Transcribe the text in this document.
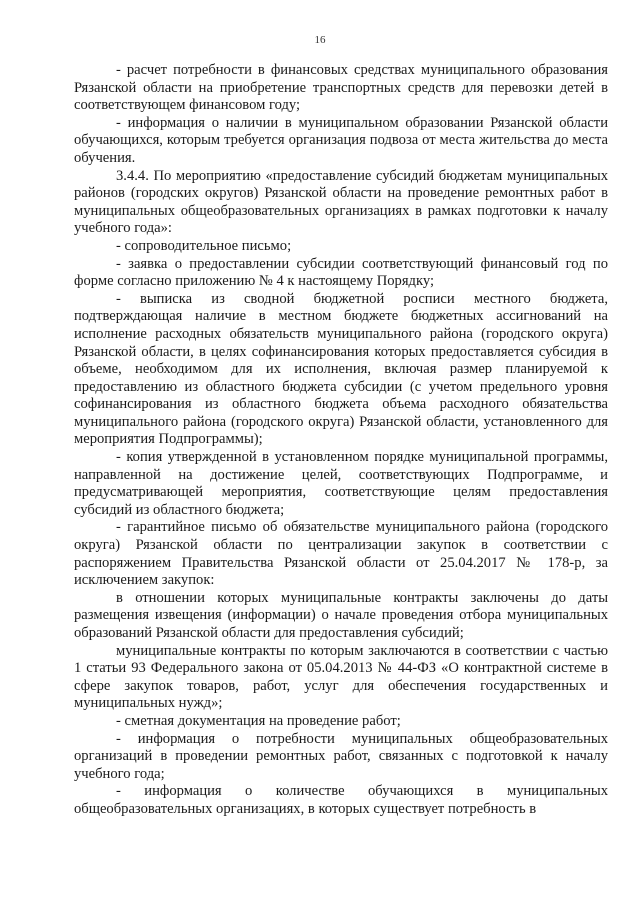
16

- расчет потребности в финансовых средствах муниципального образования Рязанской области на приобретение транспортных средств для перевозки детей в соответствующем финансовом году;

- информация о наличии в муниципальном образовании Рязанской области обучающихся, которым требуется организация подвоза от места жительства до места обучения.

3.4.4. По мероприятию «предоставление субсидий бюджетам муниципальных районов (городских округов) Рязанской области на проведение ремонтных работ в муниципальных общеобразовательных организациях в рамках подготовки к началу учебного года»:

- сопроводительное письмо;

- заявка о предоставлении субсидии соответствующий финансовый год по форме согласно приложению № 4 к настоящему Порядку;

- выписка из сводной бюджетной росписи местного бюджета, подтверждающая наличие в местном бюджете бюджетных ассигнований на исполнение расходных обязательств муниципального района (городского округа) Рязанской области, в целях софинансирования которых предоставляется субсидия в объеме, необходимом для их исполнения, включая размер планируемой к предоставлению из областного бюджета субсидии (с учетом предельного уровня софинансирования из областного бюджета объема расходного обязательства муниципального района (городского округа) Рязанской области, установленного для мероприятия Подпрограммы);

- копия утвержденной в установленном порядке муниципальной программы, направленной на достижение целей, соответствующих Подпрограмме, и предусматривающей мероприятия, соответствующие целям предоставления субсидий из областного бюджета;

- гарантийное письмо об обязательстве муниципального района (городского округа) Рязанской области по централизации закупок в соответствии с распоряжением Правительства Рязанской области от 25.04.2017 № 178-р, за исключением закупок:

в отношении которых муниципальные контракты заключены до даты размещения извещения (информации) о начале проведения отбора муниципальных образований Рязанской области для предоставления субсидий;

муниципальные контракты по которым заключаются в соответствии с частью 1 статьи 93 Федерального закона от 05.04.2013 № 44-ФЗ «О контрактной системе в сфере закупок товаров, работ, услуг для обеспечения государственных и муниципальных нужд»;

- сметная документация на проведение работ;

- информация о потребности муниципальных общеобразовательных организаций в проведении ремонтных работ, связанных с подготовкой к началу учебного года;

- информация о количестве обучающихся в муниципальных общеобразовательных организациях, в которых существует потребность в
